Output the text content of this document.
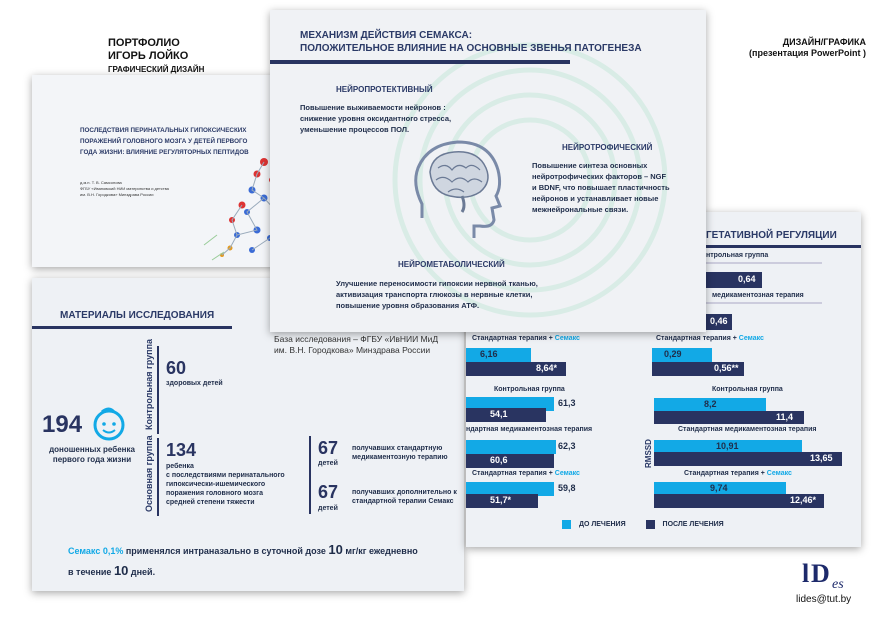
ПОРТФОЛИО
ИГОРЬ ЛОЙКО
ГРАФИЧЕСКИЙ ДИЗАЙН
ДИЗАЙН/ГРАФИКА
(презентация PowerPoint )
ПОСЛЕДСТВИЯ ПЕРИНАТАЛЬНЫХ ГИПОКСИЧЕСКИХ
ПОРАЖЕНИЙ ГОЛОВНОГО МОЗГА У ДЕТЕЙ ПЕРВОГО
ГОДА ЖИЗНИ: ВЛИЯНИЕ РЕГУЛЯТОРНЫХ ПЕПТИДОВ
д.м.н. Т. В. Самсонова
ФГБУ «Ивановский НИИ материнства и детства
им. В.Н. Городкова» Минздрава России
МАТЕРИАЛЫ ИССЛЕДОВАНИЯ
194
доношенных ребенка
первого года жизни
Контрольная группа 60
здоровых детей
Основная группа 134
ребенка
с последствиями перинатального
гипоксически-ишемического
поражения головного мозга
средней степени тяжести
67
детей
получавших стандартную
медикаментозную терапию
67
детей
получавших дополнительно к
стандартной терапии Семакс
Семакс 0,1% применялся интраназально в суточной дозе 10 мг/кг ежедневно
в течение 10 дней.
ГЕТАТИВНОЙ РЕГУЛЯЦИИ
нтрольная группа
0,64
медикаментозная терапия
0,46
Стандартная терапия + Семакс
0,29
0,56**
Стандартная терапия + Семакс
6,16
8,64*
Контрольная группа
61,3
54,1
ндартная медикаментозная терапия
62,3
60,6
Стандартная терапия + Семакс
59,8
51,7*
RMSSD
Контрольная группа
8,2
11,4
Стандартная медикаментозная терапия
10,91
13,65
Стандартная терапия + Семакс
9,74
12,46*
ДО ЛЕЧЕНИЯ	ПОСЛЕ ЛЕЧЕНИЯ
База исследования – ФГБУ «ИвНИИ МиД
им. В.Н. Городкова» Минздрава России
МЕХАНИЗМ ДЕЙСТВИЯ СЕМАКСА:
ПОЛОЖИТЕЛЬНОЕ ВЛИЯНИЕ НА ОСНОВНЫЕ ЗВЕНЬЯ ПАТОГЕНЕЗА
НЕЙРОПРОТЕКТИВНЫЙ
Повышение выживаемости нейронов :
снижение уровня оксидантного стресса,
уменьшение процессов ПОЛ.
НЕЙРОТРОФИЧЕСКИЙ
Повышение синтеза основных
нейротрофических факторов – NGF
и BDNF, что повышает пластичность
нейронов и устанавливает новые
межнейрональные связи.
НЕЙРОМЕТАБОЛИЧЕСКИЙ
Улучшение переносимости гипоксии нервной тканью,
активизация транспорта глюкозы в нервные клетки,
повышение уровня образования АТФ.
l D es
lides@tut.by
